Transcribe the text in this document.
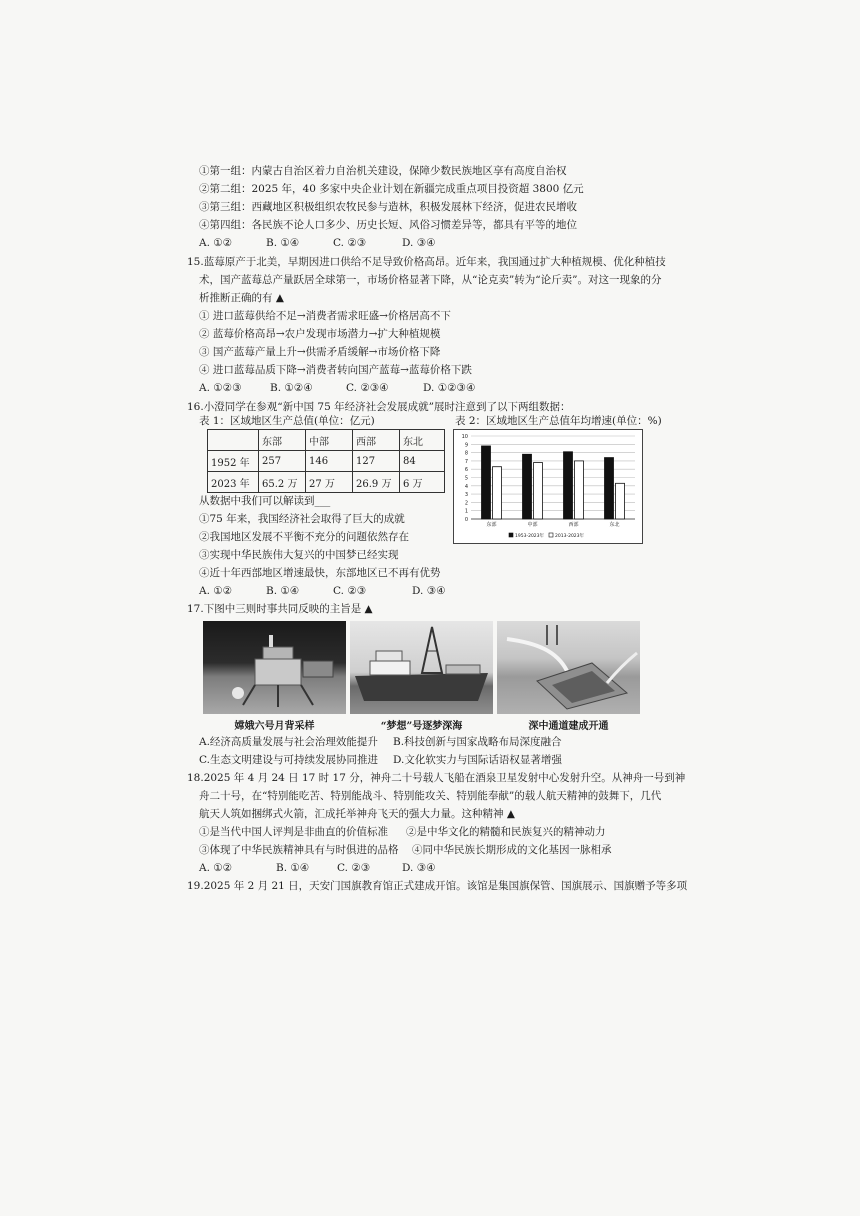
①第一组：内蒙古自治区着力自治机关建设，保障少数民族地区享有高度自治权
②第二组：2025 年，40 多家中央企业计划在新疆完成重点项目投资超 3800 亿元
③第三组：西藏地区积极组织农牧民参与造林，积极发展林下经济，促进农民增收
④第四组：各民族不论人口多少、历史长短、风俗习惯差异等，都具有平等的地位
A. ①②	B. ①④	C. ②③	D. ③④
15.蓝莓原产于北美，早期因进口供给不足导致价格高昂。近年来，我国通过扩大种植规模、优化种植技
术，国产蓝莓总产量跃居全球第一，市场价格显著下降，从“论克卖”转为“论斤卖”。对这一现象的分
析推断正确的有 ▲
① 进口蓝莓供给不足→消费者需求旺盛→价格居高不下
② 蓝莓价格高昂→农户发现市场潜力→扩大种植规模
③ 国产蓝莓产量上升→供需矛盾缓解→市场价格下降
④ 进口蓝莓品质下降→消费者转向国产蓝莓→蓝莓价格下跌
A. ①②③	B. ①②④	C. ②③④	D. ①②③④
16.小澄同学在参观“新中国 75 年经济社会发展成就”展时注意到了以下两组数据：
表 1：区域地区生产总值(单位：亿元)	表 2：区域地区生产总值年均增速(单位：%)
	东部	中部	西部	东北
1952 年	257	146	127	84
2023 年	65.2 万	27 万	26.9 万	6 万
0
1
2
3
4
5
6
7
8
9
10
东部	中部	西部	东北
1953-2023年 2013-2023年
从数据中我们可以解读到___
①75 年来，我国经济社会取得了巨大的成就
②我国地区发展不平衡不充分的问题依然存在
③实现中华民族伟大复兴的中国梦已经实现
④近十年西部地区增速最快，东部地区已不再有优势
A. ①②	B. ①④	C. ②③	D. ③④
17.下图中三则时事共同反映的主旨是 ▲
嫦娥六号月背采样	“梦想”号逐梦深海	深中通道建成开通
A.经济高质量发展与社会治理效能提升 B.科技创新与国家战略布局深度融合
C.生态文明建设与可持续发展协同推进 D.文化软实力与国际话语权显著增强
18.2025 年 4 月 24 日 17 时 17 分，神舟二十号载人飞船在酒泉卫星发射中心发射升空。从神舟一号到神
舟二十号，在“特别能吃苦、特别能战斗、特别能攻关、特别能奉献”的载人航天精神的鼓舞下，几代
航天人筑如捆绑式火箭，汇成托举神舟飞天的强大力量。这种精神 ▲
①是当代中国人评判是非曲直的价值标准 ②是中华文化的精髓和民族复兴的精神动力
③体现了中华民族精神具有与时俱进的品格 ④同中华民族长期形成的文化基因一脉相承
A. ①②	B. ①④	C. ②③	D. ③④
19.2025 年 2 月 21 日，天安门国旗教育馆正式建成开馆。该馆是集国旗保管、国旗展示、国旗赠予等多项
